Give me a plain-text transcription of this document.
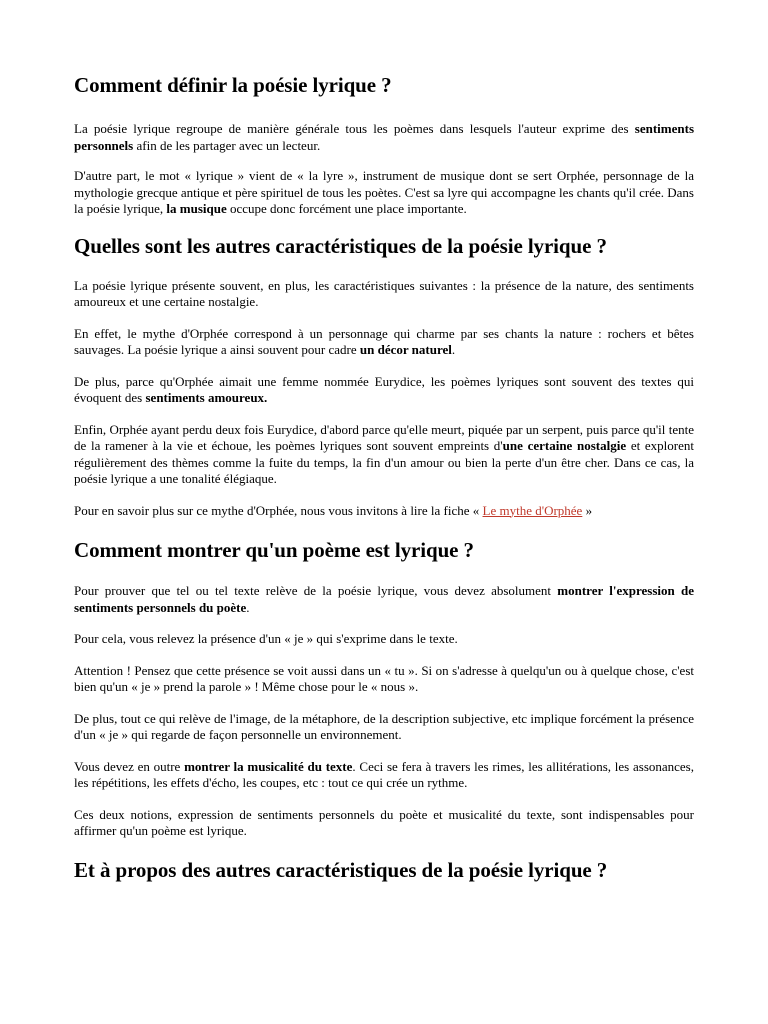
Comment définir la poésie lyrique ?

La poésie lyrique regroupe de manière générale tous les poèmes dans lesquels l'auteur exprime des sentiments personnels afin de les partager avec un lecteur.

D'autre part, le mot « lyrique » vient de « la lyre », instrument de musique dont se sert Orphée, personnage de la mythologie grecque antique et père spirituel de tous les poètes. C'est sa lyre qui accompagne les chants qu'il crée. Dans la poésie lyrique, la musique occupe donc forcément une place importante.

Quelles sont les autres caractéristiques de la poésie lyrique ?

La poésie lyrique présente souvent, en plus, les caractéristiques suivantes : la présence de la nature, des sentiments amoureux et une certaine nostalgie.

En effet, le mythe d'Orphée correspond à un personnage qui charme par ses chants la nature : rochers et bêtes sauvages. La poésie lyrique a ainsi souvent pour cadre un décor naturel.

De plus, parce qu'Orphée aimait une femme nommée Eurydice, les poèmes lyriques sont souvent des textes qui évoquent des sentiments amoureux.

Enfin, Orphée ayant perdu deux fois Eurydice, d'abord parce qu'elle meurt, piquée par un serpent, puis parce qu'il tente de la ramener à la vie et échoue, les poèmes lyriques sont souvent empreints d'une certaine nostalgie et explorent régulièrement des thèmes comme la fuite du temps, la fin d'un amour ou bien la perte d'un être cher. Dans ce cas, la poésie lyrique a une tonalité élégiaque.

Pour en savoir plus sur ce mythe d'Orphée, nous vous invitons à lire la fiche « Le mythe d'Orphée »

Comment montrer qu'un poème est lyrique ?

Pour prouver que tel ou tel texte relève de la poésie lyrique, vous devez absolument montrer l'expression de sentiments personnels du poète.

Pour cela, vous relevez la présence d'un « je » qui s'exprime dans le texte.

Attention ! Pensez que cette présence se voit aussi dans un « tu ». Si on s'adresse à quelqu'un ou à quelque chose, c'est bien qu'un « je » prend la parole » ! Même chose pour le « nous ».

De plus, tout ce qui relève de l'image, de la métaphore, de la description subjective, etc implique forcément la présence d'un « je » qui regarde de façon personnelle un environnement.

Vous devez en outre montrer la musicalité du texte. Ceci se fera à travers les rimes, les allitérations, les assonances, les répétitions, les effets d'écho, les coupes, etc : tout ce qui crée un rythme.

Ces deux notions, expression de sentiments personnels du poète et musicalité du texte, sont indispensables pour affirmer qu'un poème est lyrique.

Et à propos des autres caractéristiques de la poésie lyrique ?
